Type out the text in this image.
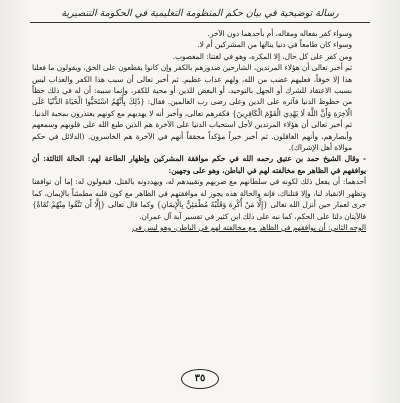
رسالة توضيحية في بيان حكم المنظومة التعليمية في الحكومة التنصيرية

وسواء كفر بفعاله ومقاله، أم بأحدهما دون الآخر.

وسواء كان طامعاً في دنيا ينالها من المشركين أم لا.

ومن كفر على كل حال، إلا المكره، وهو في لغتنا: المغصوب.

ثم أخبر تعالى أن هؤلاء المرتدين، الشارحين صدورهم بالكفر وإن كانوا يقطعون على الحق، ويقولون ما فعلنا هذا إلا خوفاً، فعليهم غضب من الله، ولهم عذاب عظيم. ثم أخبر تعالى أن سبب هذا الكفر والعذاب ليس بسبب الاعتقاد للشرك أو الجهل بالتوحيد، أو البغض للدين أو محبة للكفر، وإنما سببه: أن له في ذلك حظاً من حظوظ الدنيا فآثره على الدين وعلى رضى رب العالمين. فقال: {ذَٰلِكَ بِأَنَّهُمُ اسْتَحَبُّوا الْحَيَاةَ الدُّنْيَا عَلَى الْآخِرَةِ وَأَنَّ اللَّهَ لَا يَهْدِي الْقَوْمَ الْكَافِرِينَ} فكفرهم تعالى، وأخبر أنه لا يهديهم مع كونهم يعتذرون بمحبة الدنيا. ثم أخبر تعالى أن هؤلاء المرتدين لأجل استحباب الدنيا على الآخرة هم الذين طبع الله على قلوبهم وسمعهم وأبصارهم، وأنهم الغافلون. ثم أخبر خبراً مؤكداً محققاً أنهم في الآخرة هم الخاسرون. (الدلائل في حكم موالاة أهل الإشراك).

- وقال الشيخ حمد بن عتيق رحمه الله في حكم موافقة المشركين وإظهار الطاعة لهم: الحالة الثالثة: أن يوافقهم في الظاهر مع مخالفته لهم في الباطن، وهو على وجهين:

أحدهما: أن يفعل ذلك لكونه في سلطانهم مع ضربهم وتقييدهم له، ويهددونه بالقتل، فيقولون له: إما أن توافقنا وتظهر الانقياد لنا، وإلا قتلناك، فإنه والحالة هذه يجوز له موافقتهم في الظاهر مع كون قلبه مطمئناً بالإيمان، كما جرى لعمار حين أنزل الله تعالى {إِلَّا مَنْ أُكْرِهَ وَقَلْبُهُ مُطْمَئِنٌّ بِالْإِيمَانِ} وكما قال تعالى {إِلَّا أَن تَتَّقُوا مِنْهُمْ تُقَاةً} فالآيتان دلتا على الحكم، كما نبه على ذلك ابن كثير في تفسير آية آل عمران.

الوجه الثاني: أن يوافقهم في الظاهر مع مخالفته لهم في الباطن، وهو ليس في

٣٥
